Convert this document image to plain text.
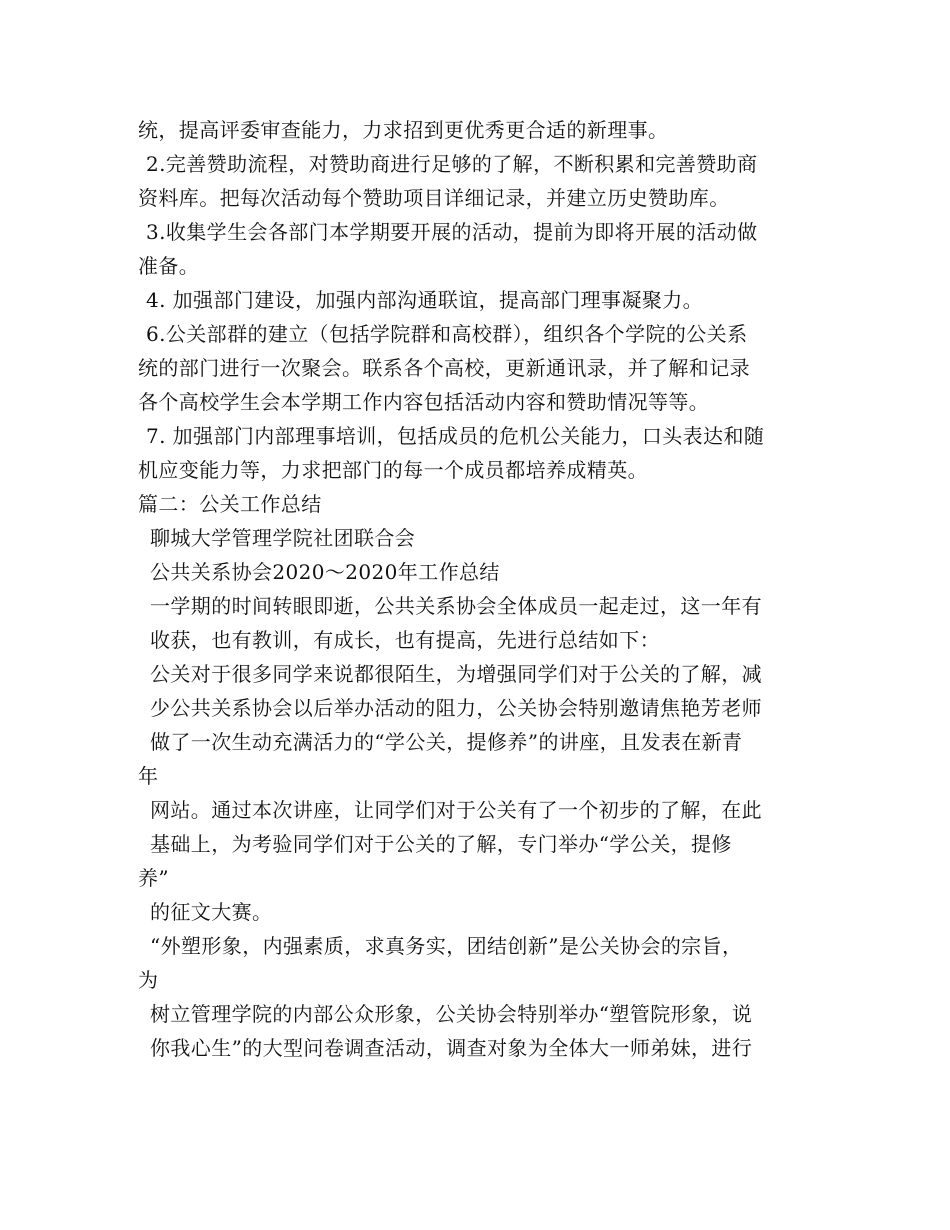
统，提高评委审查能力，力求招到更优秀更合适的新理事。
2.完善赞助流程，对赞助商进行足够的了解，不断积累和完善赞助商
资料库。把每次活动每个赞助项目详细记录，并建立历史赞助库。
3.收集学生会各部门本学期要开展的活动，提前为即将开展的活动做
准备。
4. 加强部门建设，加强内部沟通联谊，提高部门理事凝聚力。
6.公关部群的建立（包括学院群和高校群），组织各个学院的公关系
统的部门进行一次聚会。联系各个高校，更新通讯录，并了解和记录
各个高校学生会本学期工作内容包括活动内容和赞助情况等等。
7. 加强部门内部理事培训，包括成员的危机公关能力，口头表达和随
机应变能力等，力求把部门的每一个成员都培养成精英。
篇二：公关工作总结
聊城大学管理学院社团联合会
公共关系协会2020～2020年工作总结
一学期的时间转眼即逝，公共关系协会全体成员一起走过，这一年有
收获，也有教训，有成长，也有提高，先进行总结如下：
公关对于很多同学来说都很陌生，为增强同学们对于公关的了解，减
少公共关系协会以后举办活动的阻力，公关协会特别邀请焦艳芳老师
做了一次生动充满活力的“学公关，提修养”的讲座，且发表在新青
年
网站。通过本次讲座，让同学们对于公关有了一个初步的了解，在此
基础上，为考验同学们对于公关的了解，专门举办“学公关，提修
养”
的征文大赛。
“外塑形象，内强素质，求真务实，团结创新”是公关协会的宗旨，
为
树立管理学院的内部公众形象，公关协会特别举办“塑管院形象，说
你我心生”的大型问卷调查活动，调查对象为全体大一师弟妹，进行
